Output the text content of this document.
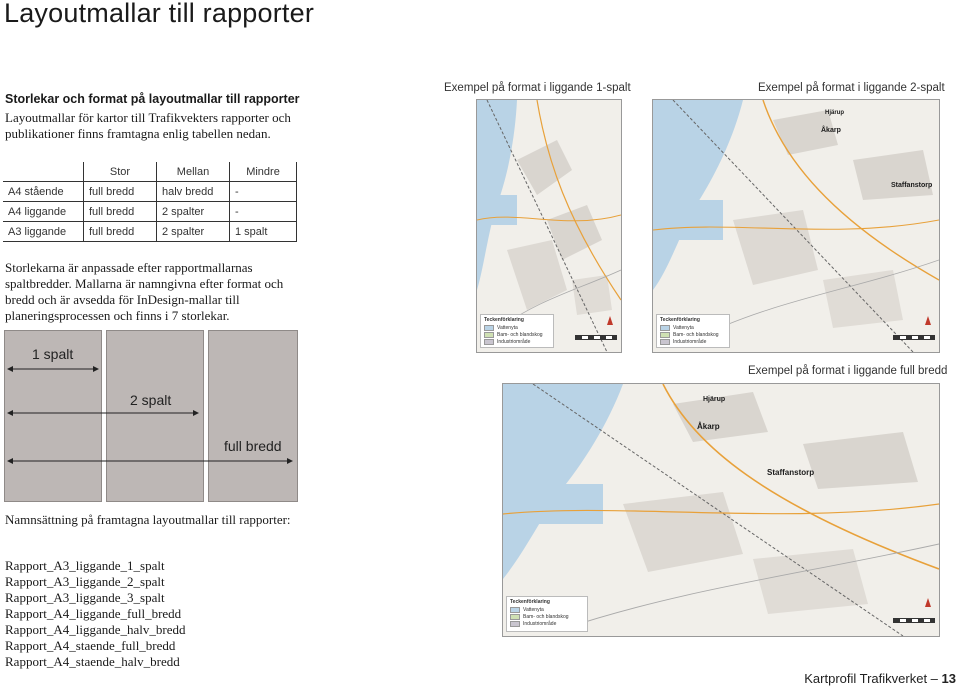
Layoutmallar till rapporter
Storlekar och format på layoutmallar till rapporter
Layoutmallar för kartor till Trafikvekters rapporter och publikationer finns framtagna enlig tabellen nedan.
	Stor	Mellan	Mindre
A4 stående	full bredd	halv bredd	-
A4 liggande	full bredd	2 spalter	-
A3 liggande	full bredd	2 spalter	1 spalt
Storlekarna är anpassade efter rapportmallarnas spaltbredder. Mallarna är namngivna efter format och bredd och är avsedda för InDesign-mallar till planeringsprocessen och finns i 7 storlekar.
1 spalt
2 spalt
full bredd
Namnsättning på framtagna layoutmallar till rapporter:
Rapport_A3_liggande_1_spalt
Rapport_A3_liggande_2_spalt
Rapport_A3_liggande_3_spalt
Rapport_A4_liggande_full_bredd
Rapport_A4_liggande_halv_bredd
Rapport_A4_staende_full_bredd
Rapport_A4_staende_halv_bredd
Exempel på format i liggande 1-spalt	Exempel på format i liggande 2-spalt
Exempel på format i liggande full bredd
Teckenförklaring
Vattenyta
Bam- och blandskog
Industriområde
Hjärup
Åkarp
Staffanstorp
Teckenförklaring
Vattenyta
Bam- och blandskog
Industriområde
Hjärup
Åkarp
Staffanstorp
Teckenförklaring
Vattenyta
Bam- och blandskog
Industriområde
Kartprofil Trafikverket – 13
